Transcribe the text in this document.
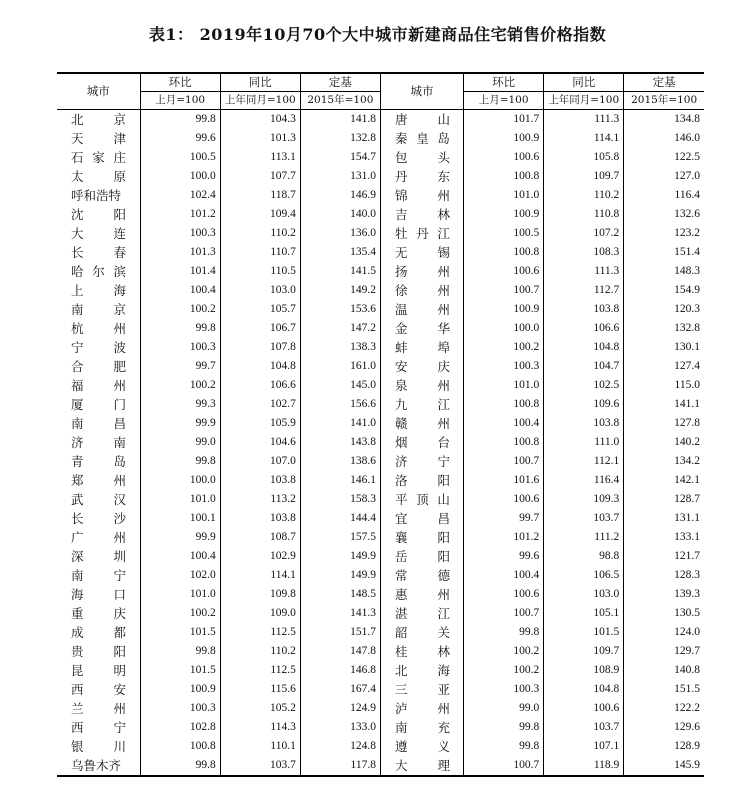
表1： 2019年10月70个大中城市新建商品住宅销售价格指数
城市	环比	同比	定基	城市	环比	同比	定基
	上月=100	上年同月=100	2015年=100		上月=100	上年同月=100	2015年=100

北 京	99.8	104.3	141.8	唐 山	101.7	111.3	134.8

天 津	99.6	101.3	132.8	秦 皇 岛	100.9	114.1	146.0

石 家 庄	100.5	113.1	154.7	包 头	100.6	105.8	122.5

太 原	100.0	107.7	131.0	丹 东	100.8	109.7	127.0

呼和浩特	102.4	118.7	146.9	锦 州	101.0	110.2	116.4

沈 阳	101.2	109.4	140.0	吉 林	100.9	110.8	132.6

大 连	100.3	110.2	136.0	牡 丹 江	100.5	107.2	123.2

长 春	101.3	110.7	135.4	无 锡	100.8	108.3	151.4

哈 尔 滨	101.4	110.5	141.5	扬 州	100.6	111.3	148.3

上 海	100.4	103.0	149.2	徐 州	100.7	112.7	154.9

南 京	100.2	105.7	153.6	温 州	100.9	103.8	120.3

杭 州	99.8	106.7	147.2	金 华	100.0	106.6	132.8

宁 波	100.3	107.8	138.3	蚌 埠	100.2	104.8	130.1

合 肥	99.7	104.8	161.0	安 庆	100.3	104.7	127.4

福 州	100.2	106.6	145.0	泉 州	101.0	102.5	115.0

厦 门	99.3	102.7	156.6	九 江	100.8	109.6	141.1

南 昌	99.9	105.9	141.0	赣 州	100.4	103.8	127.8

济 南	99.0	104.6	143.8	烟 台	100.8	111.0	140.2

青 岛	99.8	107.0	138.6	济 宁	100.7	112.1	134.2

郑 州	100.0	103.8	146.1	洛 阳	101.6	116.4	142.1

武 汉	101.0	113.2	158.3	平 顶 山	100.6	109.3	128.7

长 沙	100.1	103.8	144.4	宜 昌	99.7	103.7	131.1

广 州	99.9	108.7	157.5	襄 阳	101.2	111.2	133.1

深 圳	100.4	102.9	149.9	岳 阳	99.6	98.8	121.7

南 宁	102.0	114.1	149.9	常 德	100.4	106.5	128.3

海 口	101.0	109.8	148.5	惠 州	100.6	103.0	139.3

重 庆	100.2	109.0	141.3	湛 江	100.7	105.1	130.5

成 都	101.5	112.5	151.7	韶 关	99.8	101.5	124.0

贵 阳	99.8	110.2	147.8	桂 林	100.2	109.7	129.7

昆 明	101.5	112.5	146.8	北 海	100.2	108.9	140.8

西 安	100.9	115.6	167.4	三 亚	100.3	104.8	151.5

兰 州	100.3	105.2	124.9	泸 州	99.0	100.6	122.2

西 宁	102.8	114.3	133.0	南 充	99.8	103.7	129.6

银 川	100.8	110.1	124.8	遵 义	99.8	107.1	128.9

乌鲁木齐	99.8	103.7	117.8	大 理	100.7	118.9	145.9
